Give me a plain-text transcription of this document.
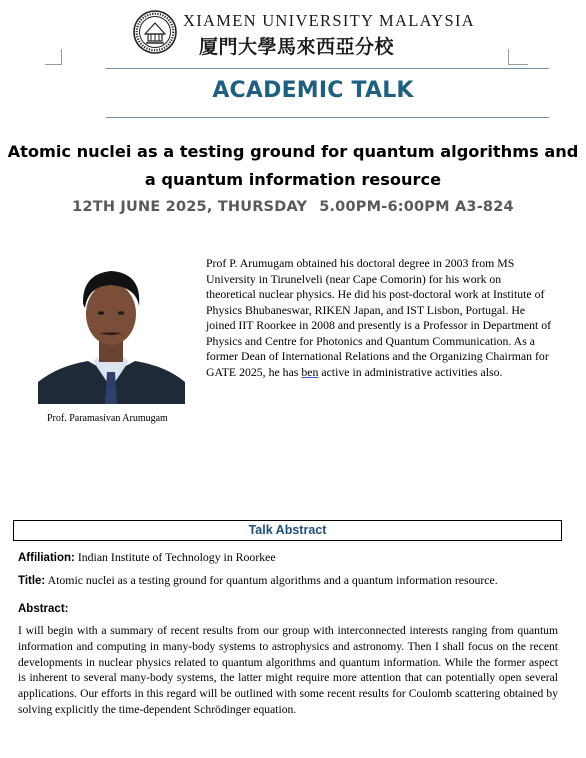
XIAMEN UNIVERSITY MALAYSIA
厦門大學馬來西亞分校
ACADEMIC TALK
Atomic nuclei as a testing ground for quantum algorithms and a quantum information resource
12TH JUNE 2025, THURSDAY 5.00PM-6:00PM A3-824
Prof. Paramasivan Arumugam
Prof P. Arumugam obtained his doctoral degree in 2003 from MS University in Tirunelveli (near Cape Comorin) for his work on theoretical nuclear physics. He did his post-doctoral work at Institute of Physics Bhubaneswar, RIKEN Japan, and IST Lisbon, Portugal. He joined IIT Roorkee in 2008 and presently is a Professor in Department of Physics and Centre for Photonics and Quantum Communication. As a former Dean of International Relations and the Organizing Chairman for GATE 2025, he has ben active in administrative activities also.
Talk Abstract
Affiliation: Indian Institute of Technology in Roorkee
Title: Atomic nuclei as a testing ground for quantum algorithms and a quantum information resource.
Abstract:
I will begin with a summary of recent results from our group with interconnected interests ranging from quantum information and computing in many-body systems to astrophysics and astronomy. Then I shall focus on the recent developments in nuclear physics related to quantum algorithms and quantum information. While the former aspect is inherent to several many-body systems, the latter might require more attention that can potentially open several applications. Our efforts in this regard will be outlined with some recent results for Coulomb scattering obtained by solving explicitly the time-dependent Schrödinger equation.
